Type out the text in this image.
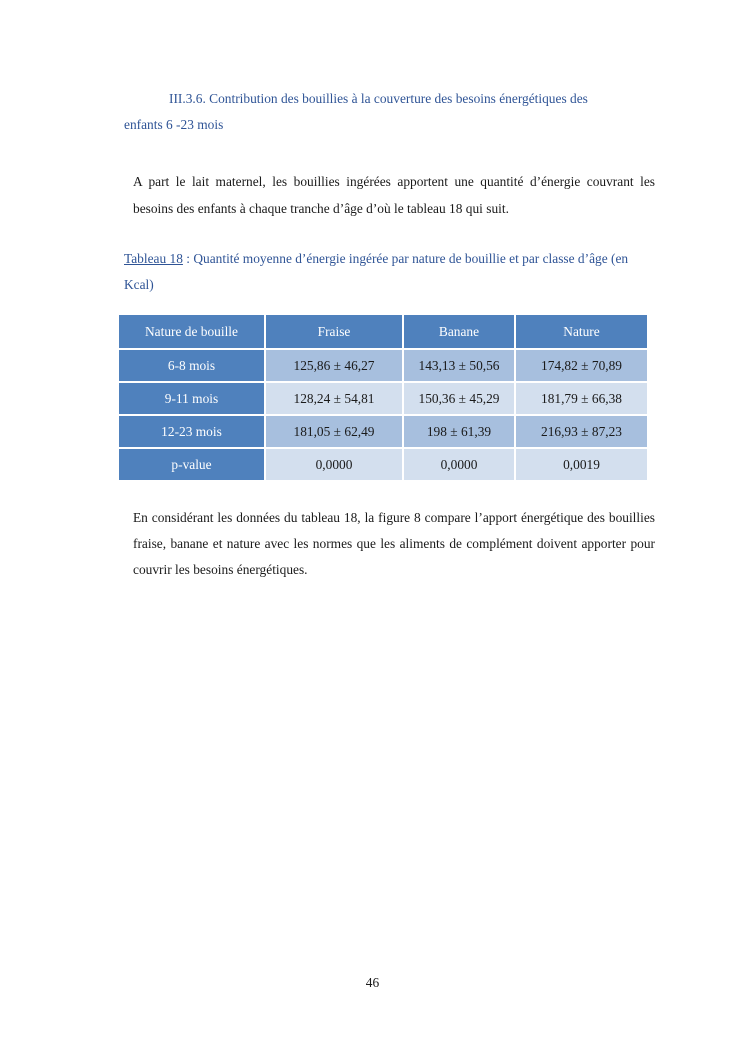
III.3.6. Contribution des bouillies à la couverture des besoins énergétiques des
enfants 6 -23 mois
A part le lait maternel, les bouillies ingérées apportent une quantité d’énergie couvrant les besoins des enfants à chaque tranche d’âge d’où le tableau 18 qui suit.
Tableau 18 : Quantité moyenne d’énergie ingérée par nature de bouillie et par classe d’âge (en Kcal)
Nature de bouille	Fraise	Banane	Nature
6-8 mois	125,86 ± 46,27	143,13 ± 50,56	174,82 ± 70,89
9-11 mois	128,24 ± 54,81	150,36 ± 45,29	181,79 ± 66,38
12-23 mois	181,05 ± 62,49	198 ± 61,39	216,93 ± 87,23
p-value	0,0000	0,0000	0,0019
En considérant les données du tableau 18, la figure 8 compare l’apport énergétique des bouillies fraise, banane et nature avec les normes que les aliments de complément doivent apporter pour couvrir les besoins énergétiques.
46
